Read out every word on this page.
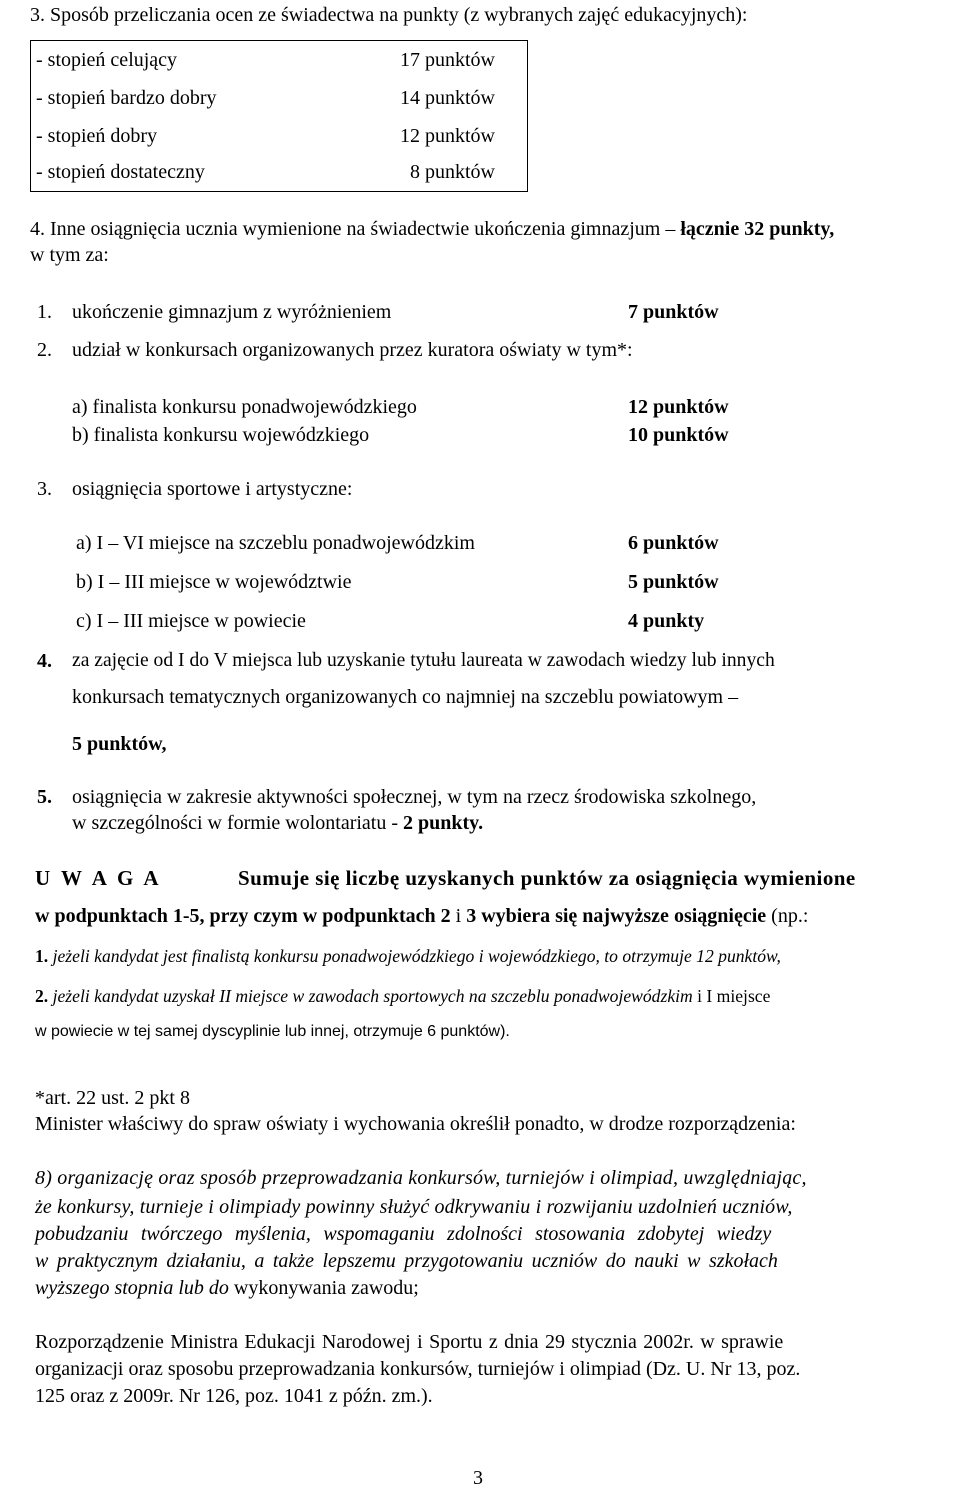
3. Sposób przeliczania ocen ze świadectwa na punkty (z wybranych zajęć edukacyjnych):
- stopień celujący	17 punktów
- stopień bardzo dobry	14 punktów
- stopień dobry	12 punktów
- stopień dostateczny	8 punktów
4. Inne osiągnięcia ucznia wymienione na świadectwie ukończenia gimnazjum – łącznie 32 punkty,
w tym za:
1. ukończenie gimnazjum z wyróżnieniem	7 punktów
2. udział w konkursach organizowanych przez kuratora oświaty w tym*:
a) finalista konkursu ponadwojewódzkiego	12 punktów
b) finalista konkursu wojewódzkiego	10 punktów
3. osiągnięcia sportowe i artystyczne:
a) I – VI miejsce na szczeblu ponadwojewódzkim	6 punktów
b) I – III miejsce w województwie	5 punktów
c) I – III miejsce w powiecie	4 punkty
4. za zajęcie od I do V miejsca lub uzyskanie tytułu laureata w zawodach wiedzy lub innych
konkursach tematycznych organizowanych co najmniej na szczeblu powiatowym –
5 punktów,
5. osiągnięcia w zakresie aktywności społecznej, w tym na rzecz środowiska szkolnego,
w szczególności w formie wolontariatu - 2 punkty.
U W A G A	Sumuje się liczbę uzyskanych punktów za osiągnięcia wymienione
w podpunktach 1-5, przy czym w podpunktach 2 i 3 wybiera się najwyższe osiągnięcie (np.:
1. jeżeli kandydat jest finalistą konkursu ponadwojewódzkiego i wojewódzkiego, to otrzymuje 12 punktów,
2. jeżeli kandydat uzyskał II miejsce w zawodach sportowych na szczeblu ponadwojewódzkim i I miejsce
w powiecie w tej samej dyscyplinie lub innej, otrzymuje 6 punktów).
*art. 22 ust. 2 pkt 8
Minister właściwy do spraw oświaty i wychowania określił ponadto, w drodze rozporządzenia:
8) organizację oraz sposób przeprowadzania konkursów, turniejów i olimpiad, uwzględniając,
że konkursy, turnieje i olimpiady powinny służyć odkrywaniu i rozwijaniu uzdolnień uczniów,
pobudzaniu twórczego myślenia, wspomaganiu zdolności stosowania zdobytej wiedzy
w praktycznym działaniu, a także lepszemu przygotowaniu uczniów do nauki w szkołach
wyższego stopnia lub do wykonywania zawodu;
Rozporządzenie Ministra Edukacji Narodowej i Sportu z dnia 29 stycznia 2002r. w sprawie
organizacji oraz sposobu przeprowadzania konkursów, turniejów i olimpiad (Dz. U. Nr 13, poz.
125 oraz z 2009r. Nr 126, poz. 1041 z późn. zm.).
3
